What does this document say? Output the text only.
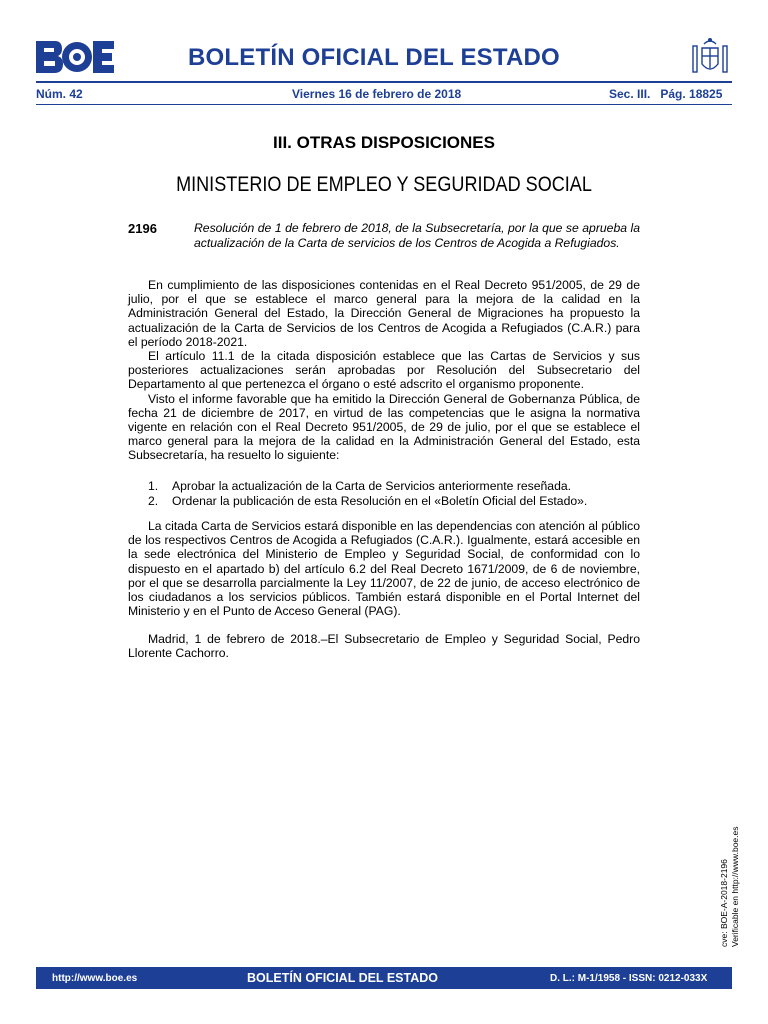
BOLETÍN OFICIAL DEL ESTADO
Núm. 42	Viernes 16 de febrero de 2018	Sec. III.   Pág. 18825
III. OTRAS DISPOSICIONES
MINISTERIO DE EMPLEO Y SEGURIDAD SOCIAL
2196	Resolución de 1 de febrero de 2018, de la Subsecretaría, por la que se aprueba la actualización de la Carta de servicios de los Centros de Acogida a Refugiados.

En cumplimiento de las disposiciones contenidas en el Real Decreto 951/2005, de 29 de julio, por el que se establece el marco general para la mejora de la calidad en la Administración General del Estado, la Dirección General de Migraciones ha propuesto la actualización de la Carta de Servicios de los Centros de Acogida a Refugiados (C.A.R.) para el período 2018-2021.

El artículo 11.1 de la citada disposición establece que las Cartas de Servicios y sus posteriores actualizaciones serán aprobadas por Resolución del Subsecretario del Departamento al que pertenezca el órgano o esté adscrito el organismo proponente.

Visto el informe favorable que ha emitido la Dirección General de Gobernanza Pública, de fecha 21 de diciembre de 2017, en virtud de las competencias que le asigna la normativa vigente en relación con el Real Decreto 951/2005, de 29 de julio, por el que se establece el marco general para la mejora de la calidad en la Administración General del Estado, esta Subsecretaría, ha resuelto lo siguiente:

1. Aprobar la actualización de la Carta de Servicios anteriormente reseñada.
2. Ordenar la publicación de esta Resolución en el «Boletín Oficial del Estado».

La citada Carta de Servicios estará disponible en las dependencias con atención al público de los respectivos Centros de Acogida a Refugiados (C.A.R.). Igualmente, estará accesible en la sede electrónica del Ministerio de Empleo y Seguridad Social, de conformidad con lo dispuesto en el apartado b) del artículo 6.2 del Real Decreto 1671/2009, de 6 de noviembre, por el que se desarrolla parcialmente la Ley 11/2007, de 22 de junio, de acceso electrónico de los ciudadanos a los servicios públicos. También estará disponible en el Portal Internet del Ministerio y en el Punto de Acceso General (PAG).

Madrid, 1 de febrero de 2018.–El Subsecretario de Empleo y Seguridad Social, Pedro Llorente Cachorro.

cve: BOE-A-2018-2196 Verificable en http://www.boe.es
http://www.boe.es	BOLETÍN OFICIAL DEL ESTADO	D. L.: M-1/1958 - ISSN: 0212-033X
